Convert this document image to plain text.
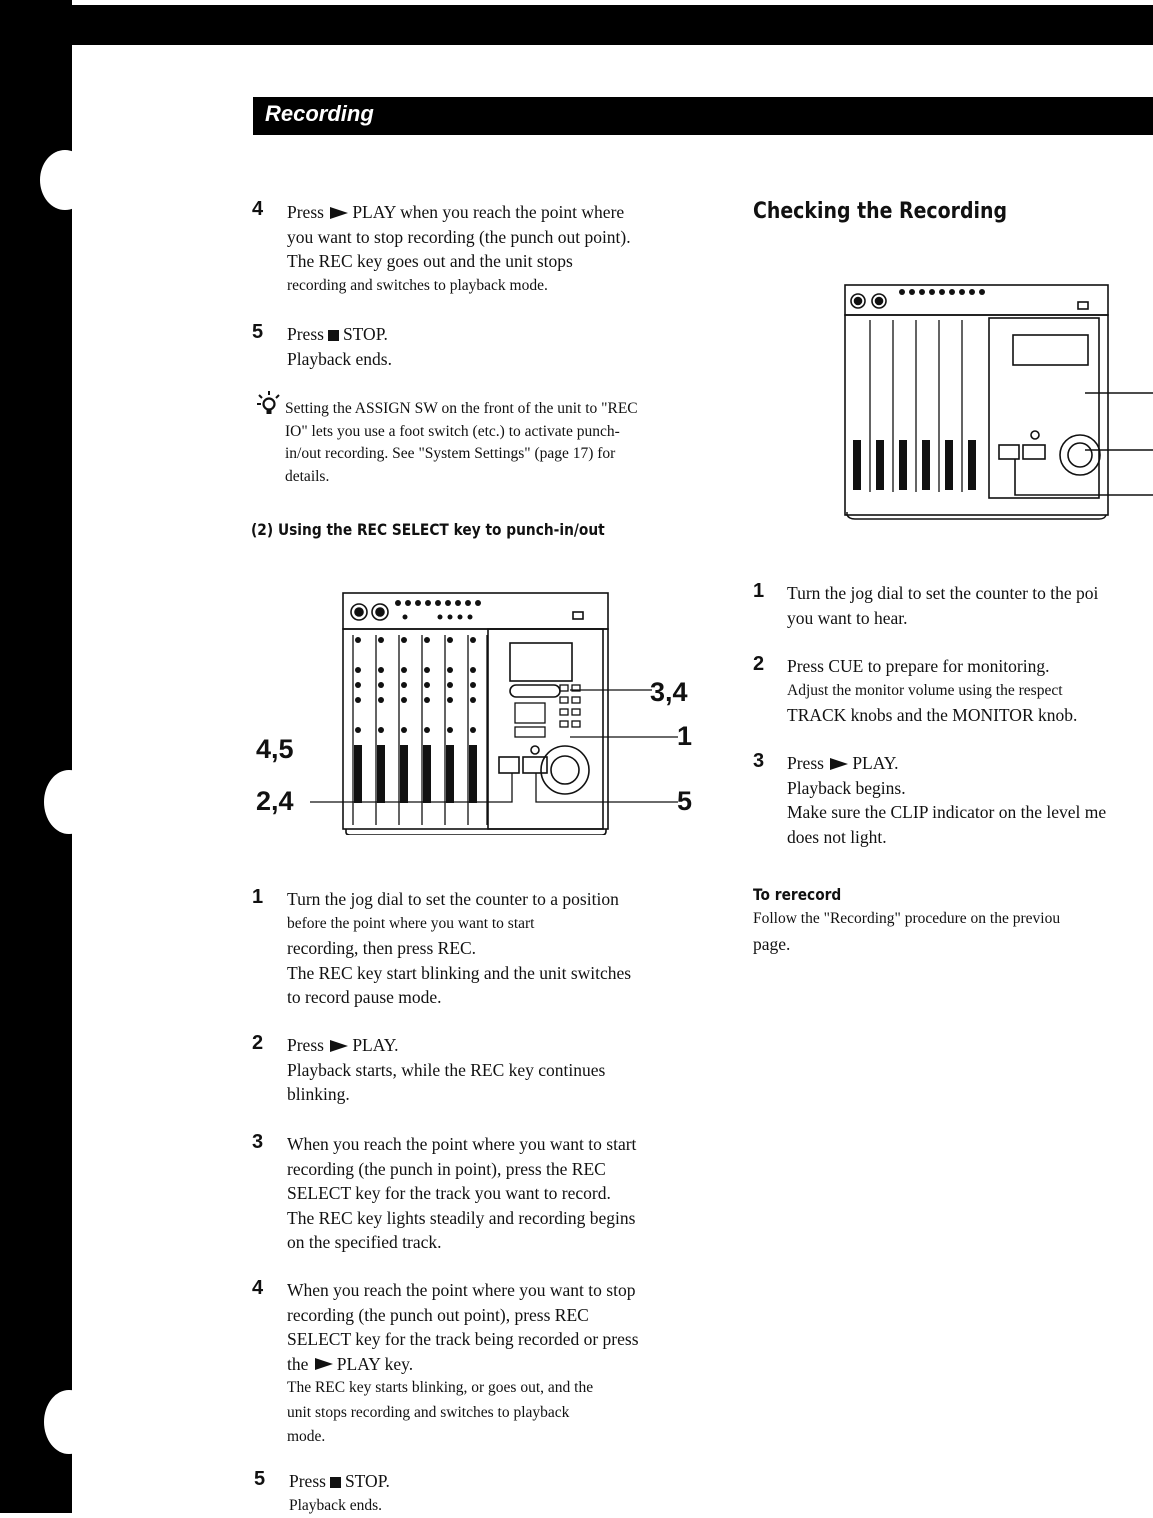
Recording
4 Press PLAY when you reach the point where
you want to stop recording (the punch out point).
The REC key goes out and the unit stops
recording and switches to playback mode.
5 Press STOP.
Playback ends.
Setting the ASSIGN SW on the front of the unit to "REC
IO" lets you use a foot switch (etc.) to activate punch-
in/out recording. See "System Settings" (page 17) for
details.
(2) Using the REC SELECT key to punch-in/out
3,4
1
5
4,5
2,4
1 Turn the jog dial to set the counter to a position
before the point where you want to start
recording, then press REC.
The REC key start blinking and the unit switches
to record pause mode.
2 Press PLAY.
Playback starts, while the REC key continues
blinking.
3 When you reach the point where you want to start
recording (the punch in point), press the REC
SELECT key for the track you want to record.
The REC key lights steadily and recording begins
on the specified track.
4 When you reach the point where you want to stop
recording (the punch out point), press REC
SELECT key for the track being recorded or press
the PLAY key.
The REC key starts blinking, or goes out, and the
unit stops recording and switches to playback
mode.
5 Press STOP.
Playback ends.
Checking the Recording
1 Turn the jog dial to set the counter to the poi
you want to hear.
2 Press CUE to prepare for monitoring.
Adjust the monitor volume using the respect
TRACK knobs and the MONITOR knob.
3 Press PLAY.
Playback begins.
Make sure the CLIP indicator on the level me
does not light.
To rerecord
Follow the "Recording" procedure on the previou
page.
